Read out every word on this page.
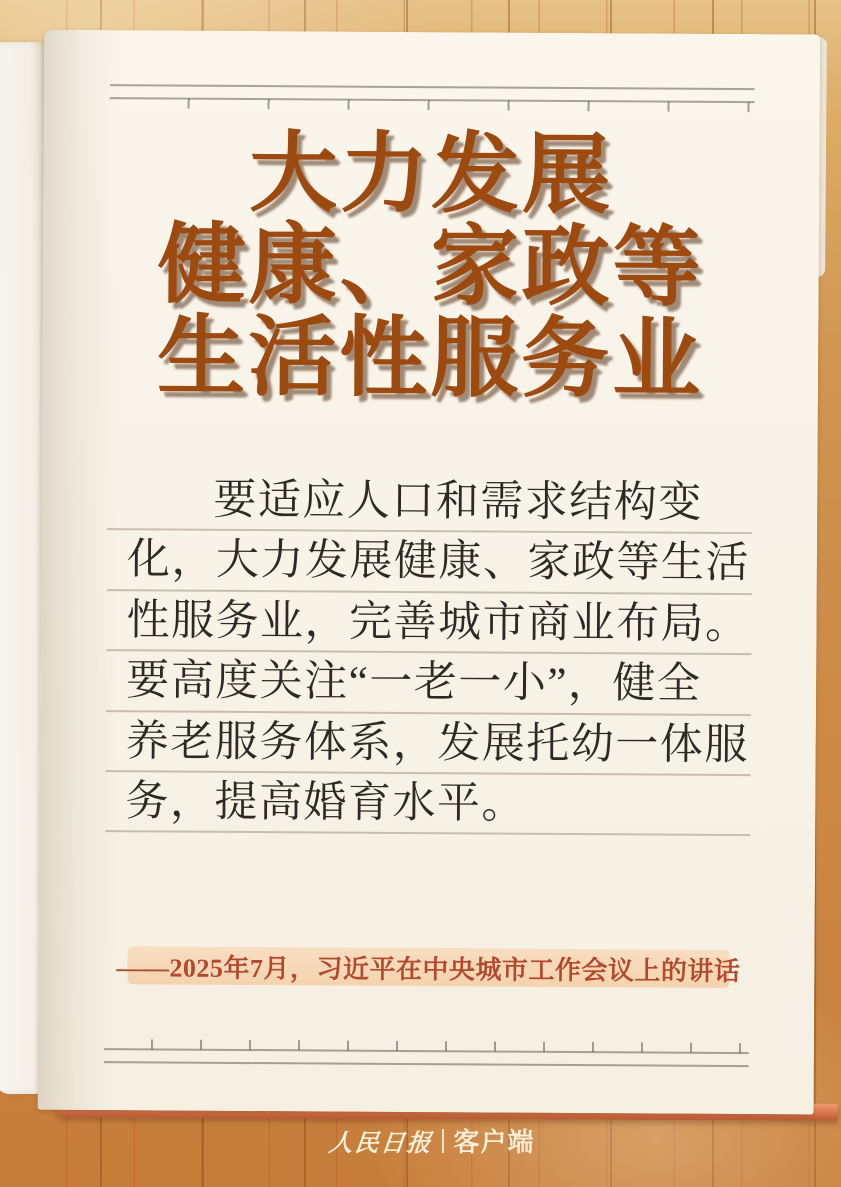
大力发展
健康、家政等
生活性服务业
要适应人口和需求结构变
化，大力发展健康、家政等生活
性服务业，完善城市商业布局。
要高度关注“一老一小”，健全
养老服务体系，发展托幼一体服
务，提高婚育水平。
——2025年7月，习近平在中央城市工作会议上的讲话
人民日报 客户端
